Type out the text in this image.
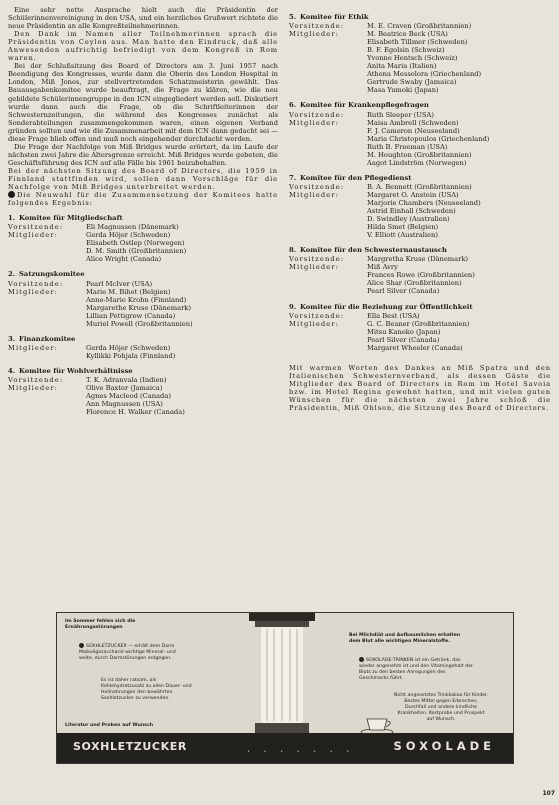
Eine sehr nette Ansprache hielt auch die Präsidentin der Schülerinnenvereinigung in den USA, und ein herzliches Grußwort richtete die neue Präsidentin an alle Kongreßteilnehmerinnen.

Den Dank im Namen aller Teilnehmerinnen sprach die Präsidentin von Ceylon aus. Man hatte den Eindruck, daß alle Anwesenden aufrichtig befriedigt von dem Kongreß in Rom waren.

Bei der Schlußsitzung des Board of Directors am 3. Juni 1957 nach Beendigung des Kongresses, wurde dann die Oberin des London Hospital in London, Miß Jones, zur stellvertretenden Schatzmeisterin gewählt. Das Bauausgabenkomitee wurde beauftragt, die Frage zu klären, wie die neu gebildete Schülerinnengruppe in den ICN eingegliedert werden soll. Diskutiert wurde dann auch die Frage, ob die Schriftleiterinnen der Schwesternzeitungen, die während des Kongresses zunächst als Sonderabteilungen zusammengekommen waren, einen eigenen Verband gründen sollten und wie die Zusammenarbeit mit dem ICN dann gedacht sei — diese Frage blieb offen und muß noch eingehender durchdacht werden.

Die Frage der Nachfolge von Miß Bridges wurde erörtert, da im Laufe der nächsten zwei Jahre die Altersgrenze erreicht. Miß Bridges wurde gebeten, die Geschäftsführung des ICN auf alle Fälle bis 1961 beizubehalten.

Bei der nächsten Sitzung des Board of Directors, die 1959 in Finnland stattfinden wird, sollen dann Vorschläge für die Nachfolge von Miß Bridges unterbreitet werden.

Die Neuwahl für die Zusammensetzung der Komitees hatte folgendes Ergebnis:

1. Komitee für Mitgliedschaft
Vorsitzende:	Eli Magnussen (Dänemark)
Mitglieder:	Gerda Höjer (Schweden)
Elisabeth Ostlep (Norwegen)
D. M. Smith (Großbritannien)
Alice Wright (Canada)
2. Satzungskomitee
Vorsitzende:	Pearl McIver (USA)
Mitglieder:	Marie M. Bihet (Belgien)
Anne-Marie Krohn (Finnland)
Margarethe Kruse (Dänemark)
Lillian Pettigrew (Canada)
Muriel Powell (Großbritannien)
3. Finanzkomitee
Mitglieder:	Gerda Höjer (Schweden)
Kyllikki Pohjala (Finnland)
4. Komitee für Wohlverhältnisse
Vorsitzende:	T. K. Adranvala (Indien)
Mitglieder:	Olive Baxter (Jamaica)
Agnes Macleod (Canada)
Ann Magnussen (USA)
Florence H. Walker (Canada)
5. Komitee für Ethik
Vorsitzende:	M. E. Craven (Großbritannien)
Mitglieder:	M. Beatrice Beck (USA)
Elisabeth Tillmer (Schweden)
B. F. Egolsin (Schweiz)
Yvonne Hentsch (Schweiz)
Anita Maria (Italien)
Athena Messolora (Griechenland)
Gertrude Swaby (Jamaica)
Masa Yumoki (Japan)
6. Komitee für Krankenpflegefragen
Vorsitzende:	Ruth Sleeper (USA)
Mitglieder:	Maisa Ambrell (Schweden)
F. J. Cameron (Neuseeland)
Maria Christopoulos (Griechenland)
Ruth B. Freeman (USA)
M. Houghton (Großbritannien)
Aagot Lindström (Norwegen)
7. Komitee für den Pflegedienst
Vorsitzende:	B. A. Bennett (Großbritannien)
Mitglieder:	Margaret O. Anstein (USA)
Marjorie Chambers (Neuseeland)
Astrid Einhall (Schweden)
D. Swindley (Australien)
Hilda Smet (Belgien)
V. Elliott (Australien)
8. Komitee für den Schwesternaustausch
Vorsitzende:	Margretha Kruse (Dänemark)
Mitglieder:	Miß Avry
Frances Rowe (Großbritannien)
Alice Shar (Großbritannien)
Pearl Silver (Canada)
9. Komitee für die Beziehung zur Öffentlichkeit
Vorsitzende:	Ella Best (USA)
Mitglieder:	G. C. Beaner (Großbritannien)
Mitsu Kaneko (Japan)
Pearl Silver (Canada)
Margaret Wheeler (Canada)

Mit warmen Worten des Dankes an Miß Spatra und den Italienischen Schwesternverband, als dessen Gäste die Mitglieder des Board of Directors in Rom im Hotel Savoia bzw. im Hotel Regina gewohnt hatten, und mit vielen guten Wünschen für die nächsten zwei Jahre schloß die Präsidentin, Miß Ohlson, die Sitzung des Board of Directors.

Im Sommer fehlen sich die Ernährungsstörungen
SOXHLETZUCKER — erhält dem Darm Malkoligosaccharid wichtige Mineral- und weite, durch Darmstörungen entgegen.
Es ist daher ratsam, als Kohlehydratzusatz zu allen Dauer- und Heilnahrungen den bewährten Soxhletzucker zu verwenden.
Literatur und Proben auf Wunsch
Bei Milchdiät und Aufbaumilchen erhalten dem Blut alle wichtigen Mineralstoffe.
SOXOLADE-TRINKEN ist ein Getränk, das wieder angenehm ist und den Vitamingehalt der Bluts zu den besten Anregungen des Geschmacks führt.
Nicht angesetztes Trinkkakao für Kinder. Bestes Mittel gegen Erbrechen, Durchfall und andere kindliche Krankheiten. Kostprobe und Prospekt auf Wunsch.
SOXHLETZUCKER	• • • • • • •	SOXOLADE
107
